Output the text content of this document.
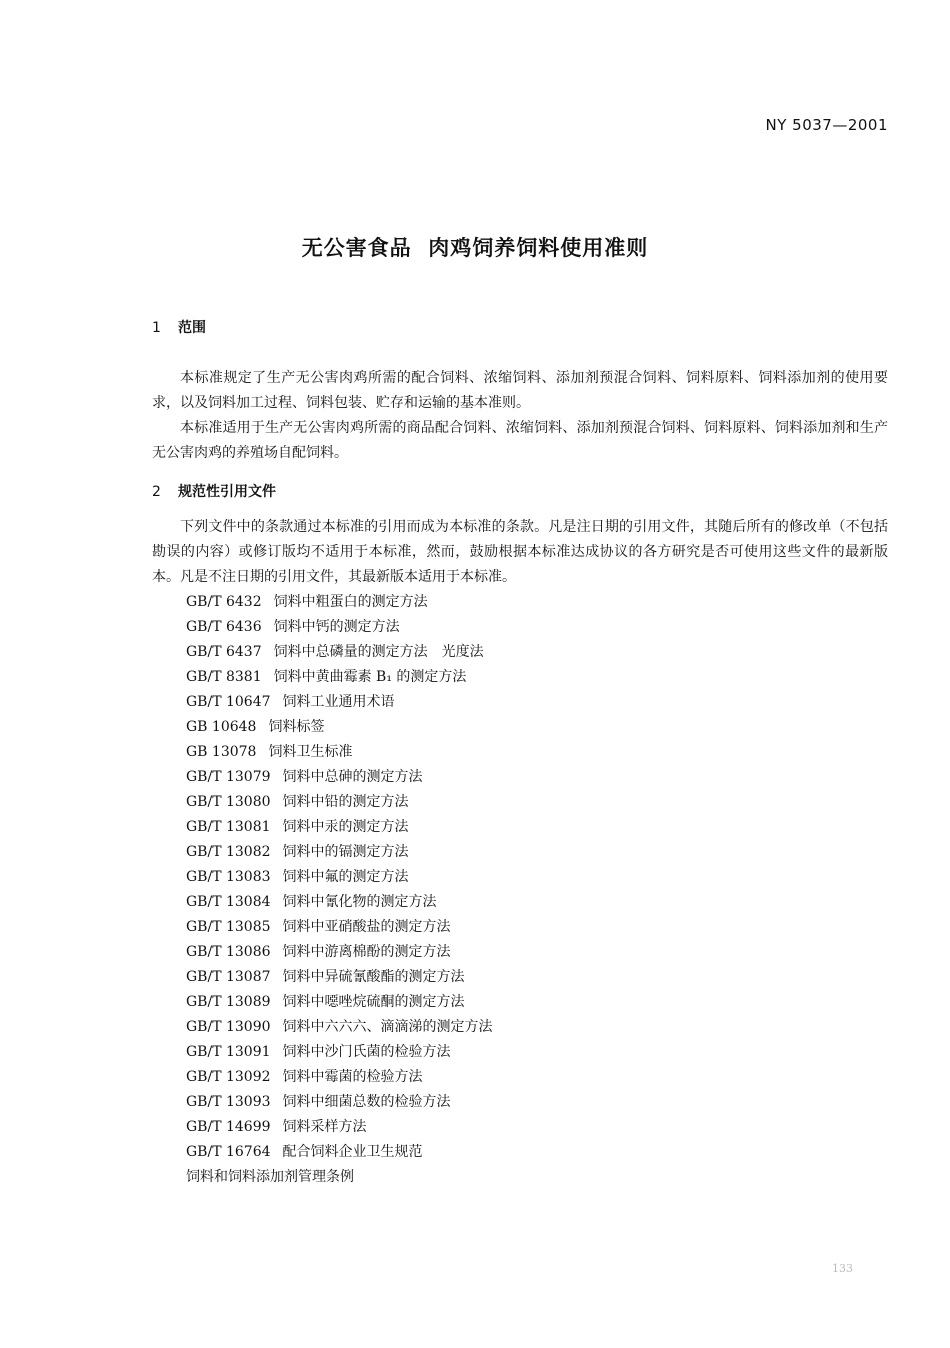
NY 5037—2001
无公害食品  肉鸡饲养饲料使用准则
1 范围

本标准规定了生产无公害肉鸡所需的配合饲料、浓缩饲料、添加剂预混合饲料、饲料原料、饲料添加剂的使用要求，以及饲料加工过程、饲料包装、贮存和运输的基本准则。

本标准适用于生产无公害肉鸡所需的商品配合饲料、浓缩饲料、添加剂预混合饲料、饲料原料、饲料添加剂和生产无公害肉鸡的养殖场自配饲料。

2 规范性引用文件

下列文件中的条款通过本标准的引用而成为本标准的条款。凡是注日期的引用文件，其随后所有的修改单（不包括勘误的内容）或修订版均不适用于本标准，然而，鼓励根据本标准达成协议的各方研究是否可使用这些文件的最新版本。凡是不注日期的引用文件，其最新版本适用于本标准。

GB/T 6432 饲料中粗蛋白的测定方法
GB/T 6436 饲料中钙的测定方法
GB/T 6437 饲料中总磷量的测定方法　光度法
GB/T 8381 饲料中黄曲霉素 B₁ 的测定方法
GB/T 10647 饲料工业通用术语
GB 10648 饲料标签
GB 13078 饲料卫生标准
GB/T 13079 饲料中总砷的测定方法
GB/T 13080 饲料中铅的测定方法
GB/T 13081 饲料中汞的测定方法
GB/T 13082 饲料中的镉测定方法
GB/T 13083 饲料中氟的测定方法
GB/T 13084 饲料中氰化物的测定方法
GB/T 13085 饲料中亚硝酸盐的测定方法
GB/T 13086 饲料中游离棉酚的测定方法
GB/T 13087 饲料中异硫氰酸酯的测定方法
GB/T 13089 饲料中噁唑烷硫酮的测定方法
GB/T 13090 饲料中六六六、滴滴涕的测定方法
GB/T 13091 饲料中沙门氏菌的检验方法
GB/T 13092 饲料中霉菌的检验方法
GB/T 13093 饲料中细菌总数的检验方法
GB/T 14699 饲料采样方法
GB/T 16764 配合饲料企业卫生规范
饲料和饲料添加剂管理条例
133
